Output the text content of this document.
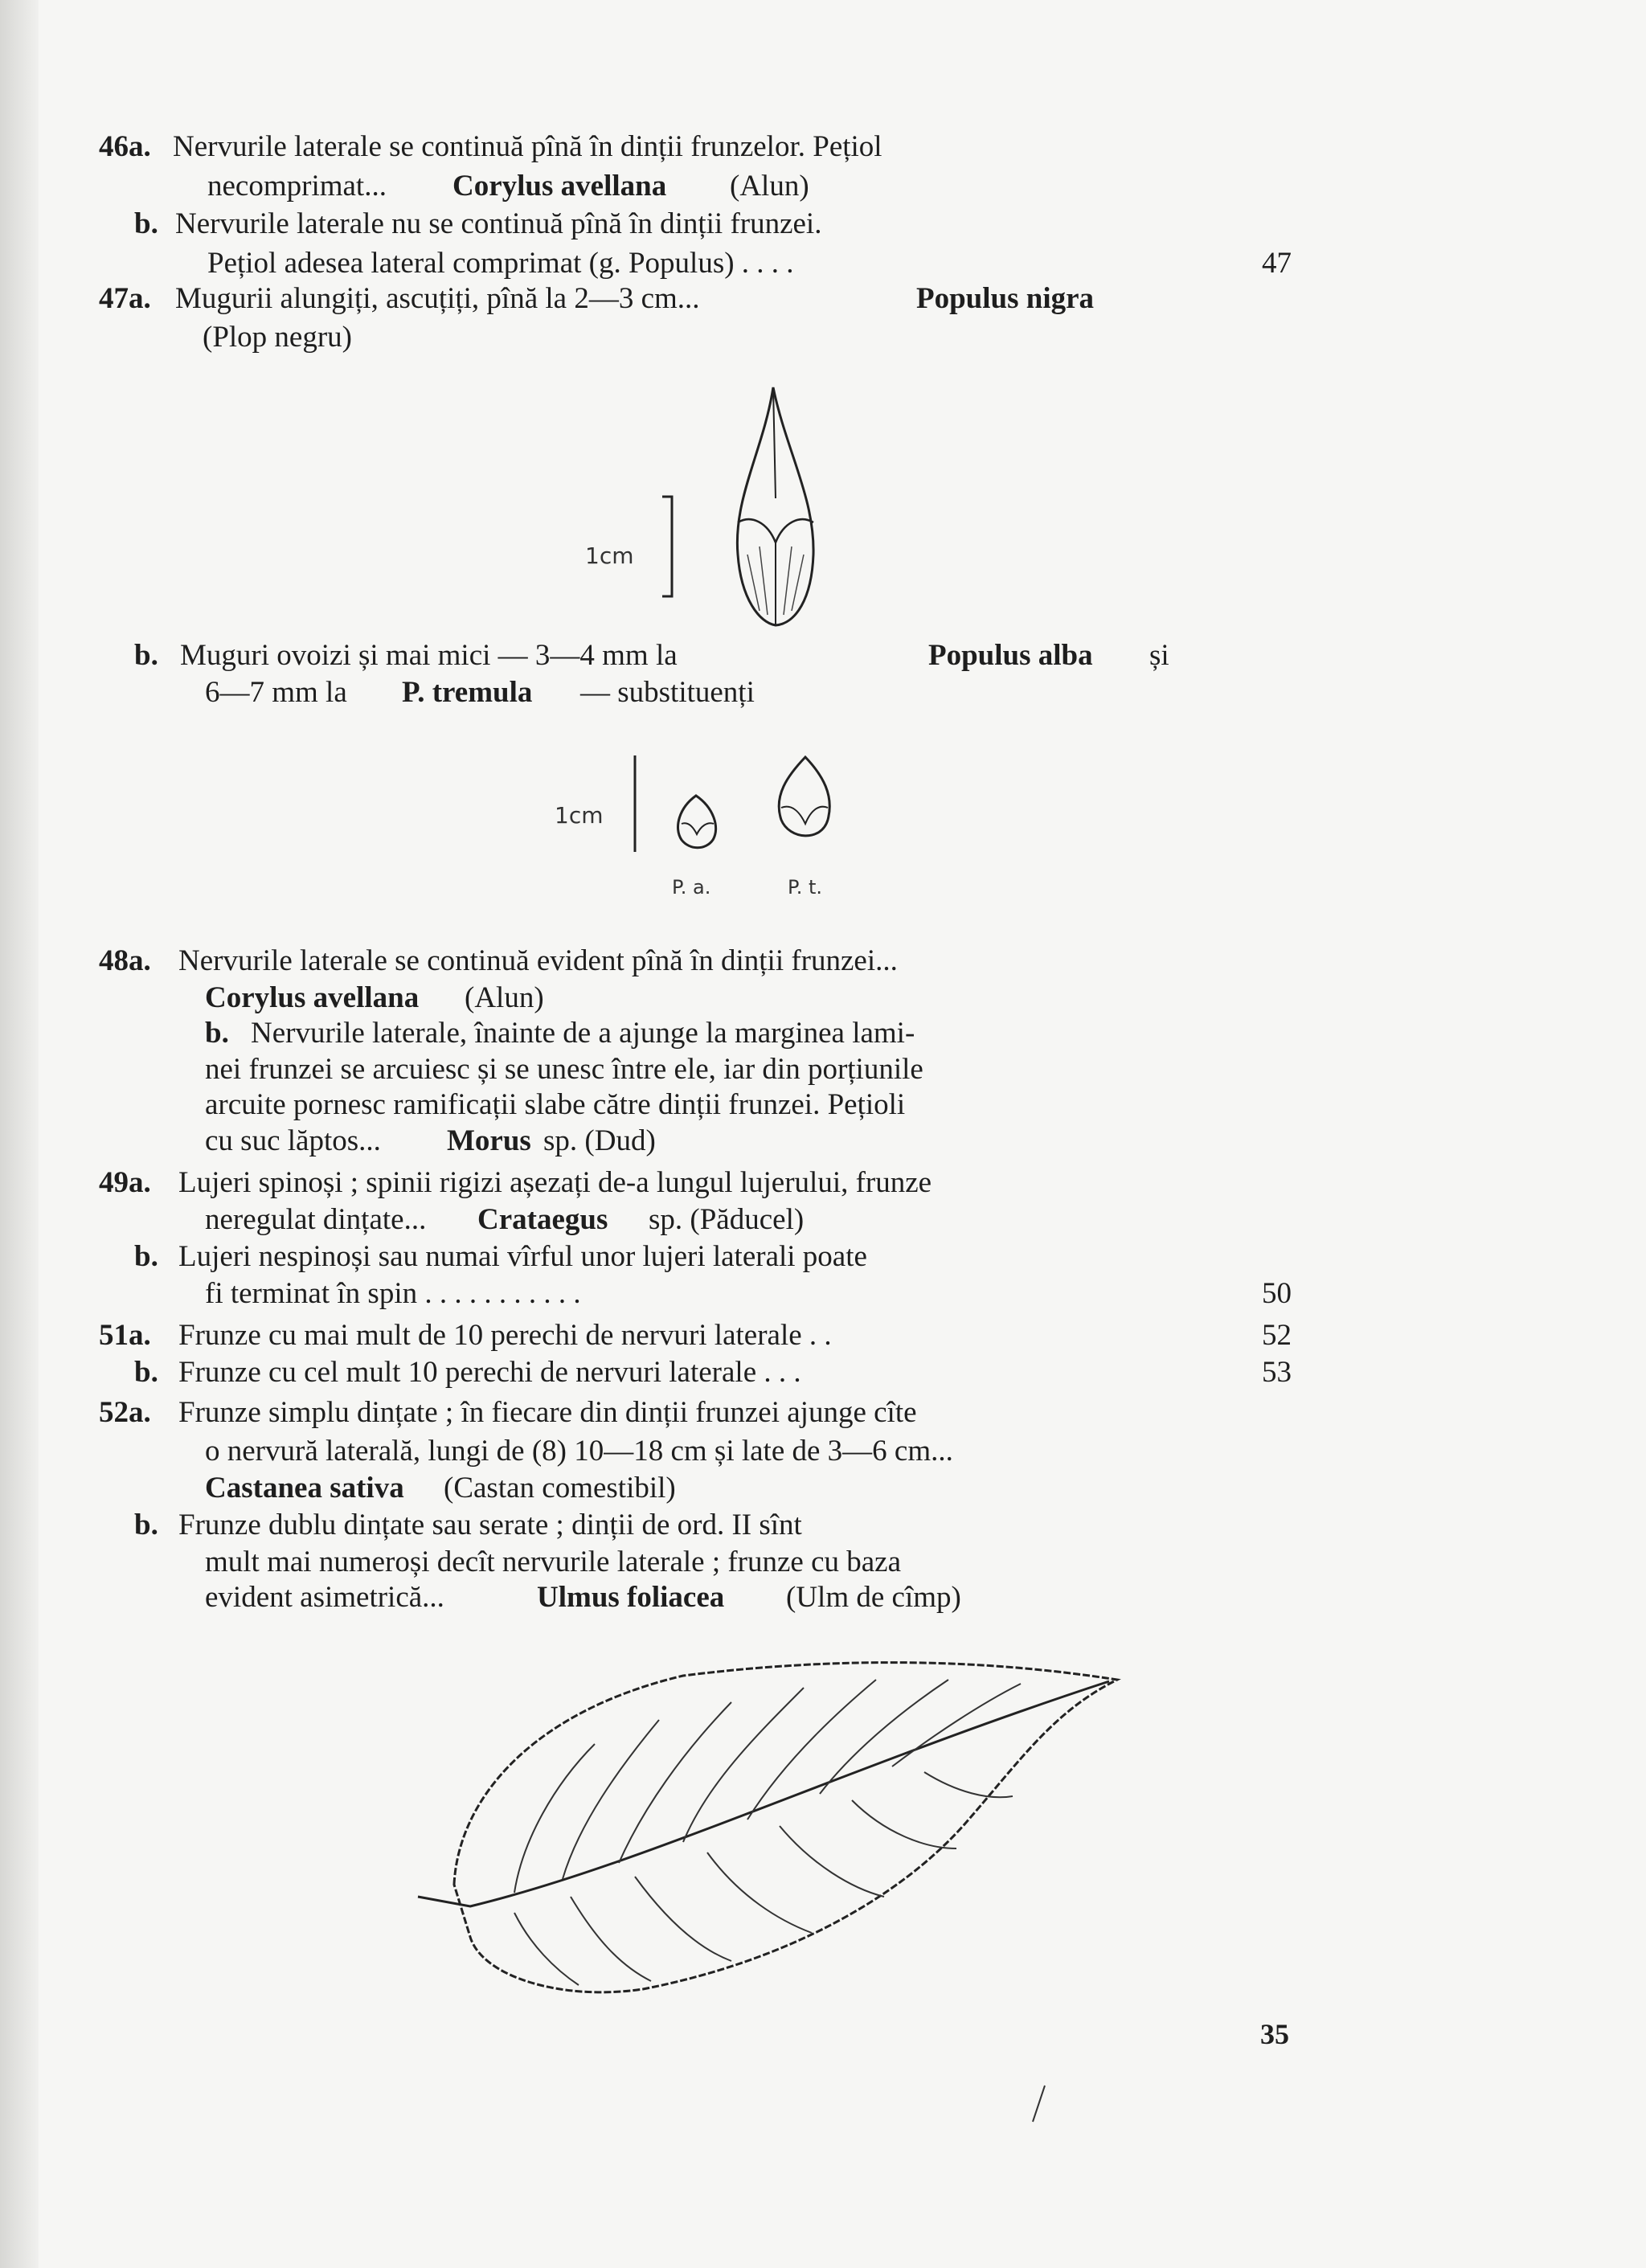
46a. Nervurile laterale se continuă pînă în dinții frunzelor. Pețiol
necomprimat... Corylus avellana (Alun)
b. Nervurile laterale nu se continuă pînă în dinții frunzei.
Pețiol adesea lateral comprimat (g. Populus) . . . .	47
47a. Mugurii alungiți, ascuțiți, pînă la 2—3 cm...	Populus nigra
(Plop negru)
b. Muguri ovoizi și mai mici — 3—4 mm la	Populus alba și
6—7 mm la P. tremula — substituenți
48a. Nervurile laterale se continuă evident pînă în dinții frunzei...
Corylus avellana (Alun)
b. Nervurile laterale, înainte de a ajunge la marginea lami-
nei frunzei se arcuiesc și se unesc între ele, iar din porțiunile
arcuite pornesc ramificații slabe către dinții frunzei. Pețioli
cu suc lăptos... Morus sp. (Dud)
49a. Lujeri spinoși ; spinii rigizi așezați de-a lungul lujerului, frunze
neregulat dințate... Crataegus sp. (Păducel)
b. Lujeri nespinoși sau numai vîrful unor lujeri laterali poate
fi terminat în spin . . . . . . . . . . .	50
51a. Frunze cu mai mult de 10 perechi de nervuri laterale . .	52
b. Frunze cu cel mult 10 perechi de nervuri laterale . . .	53
52a. Frunze simplu dințate ; în fiecare din dinții frunzei ajunge cîte
o nervură laterală, lungi de (8) 10—18 cm și late de 3—6 cm...
Castanea sativa (Castan comestibil)
b. Frunze dublu dințate sau serate ; dinții de ord. II sînt
mult mai numeroși decît nervurile laterale ; frunze cu baza
evident asimetrică...	Ulmus foliacea (Ulm de cîmp)
1cm
1cm
P. a.	P. t.
35
